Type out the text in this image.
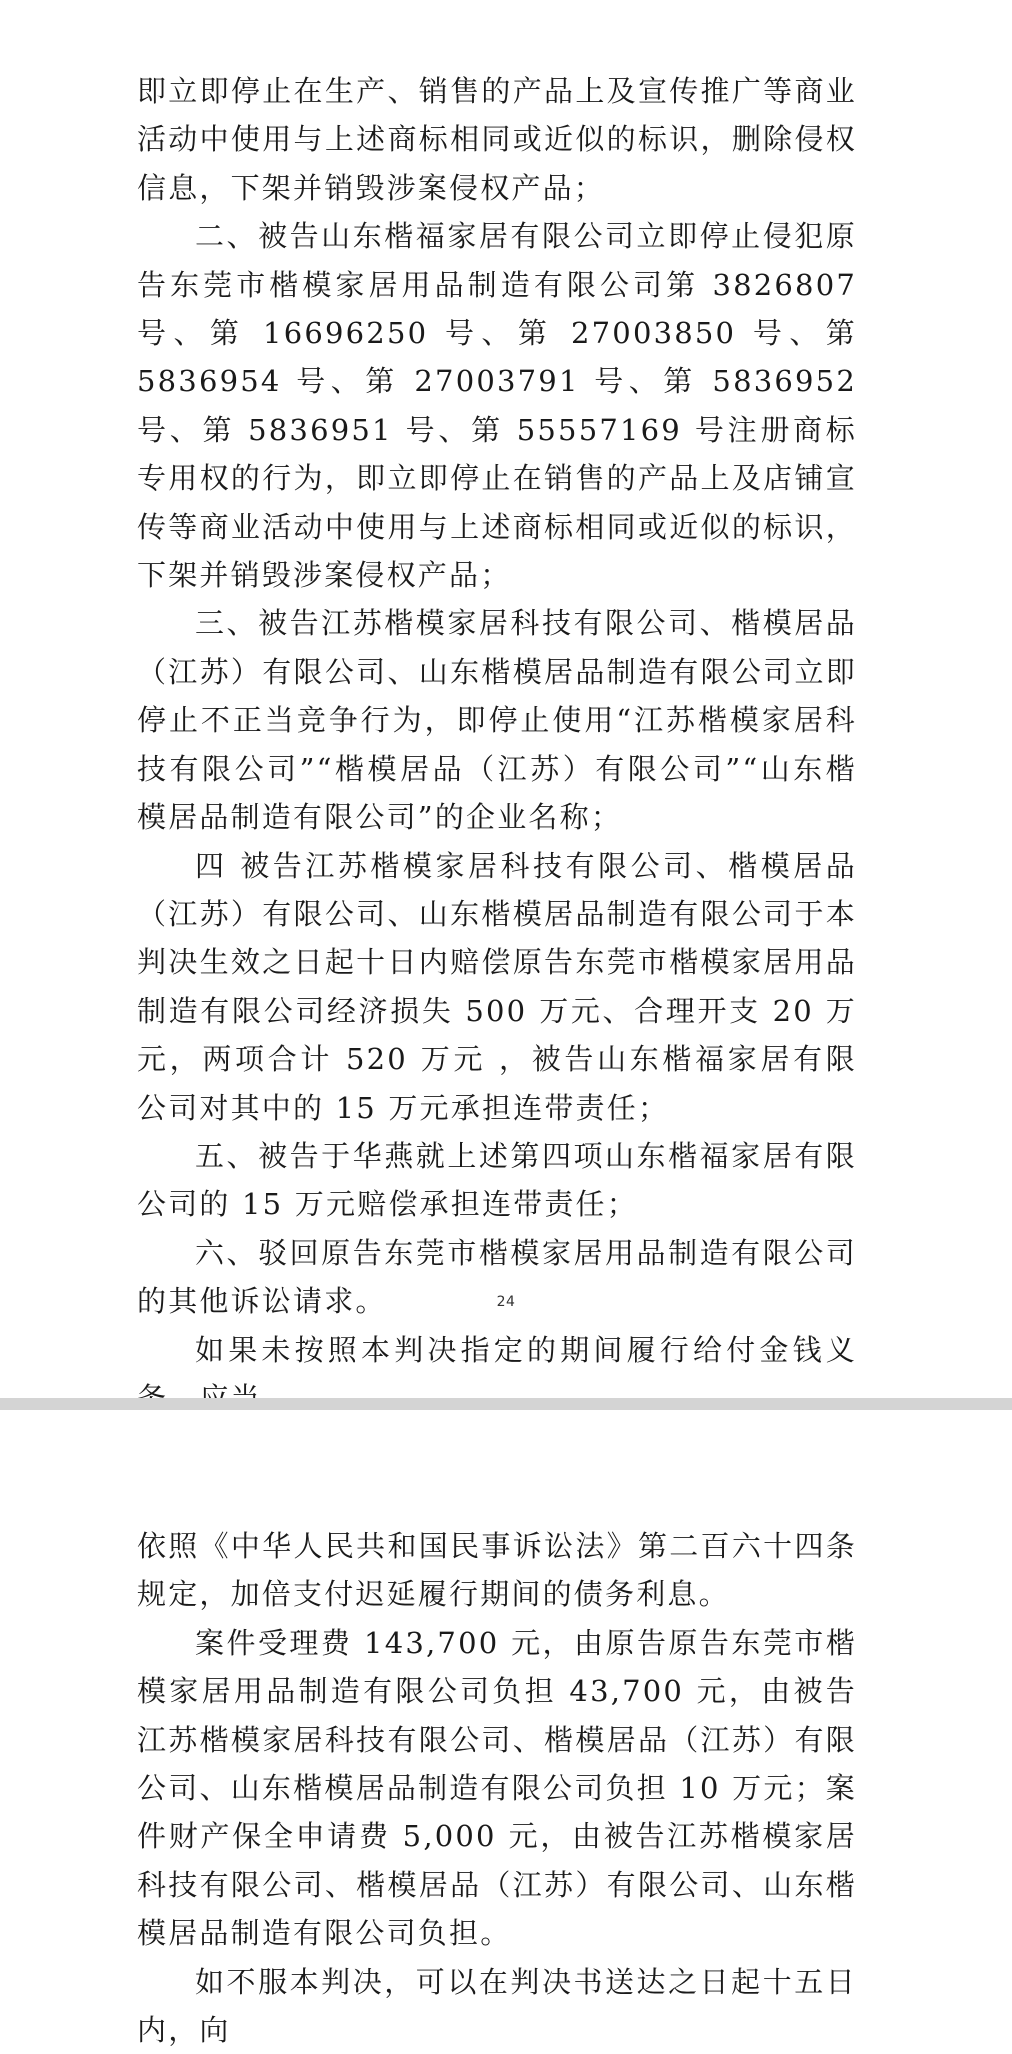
即立即停止在生产、销售的产品上及宣传推广等商业活动中使用与上述商标相同或近似的标识，删除侵权信息，下架并销毁涉案侵权产品；

二、被告山东楷福家居有限公司立即停止侵犯原告东莞市楷模家居用品制造有限公司第 3826807 号、第 16696250 号、第 27003850 号、第 5836954 号、第 27003791 号、第 5836952 号、第 5836951 号、第 55557169 号注册商标专用权的行为，即立即停止在销售的产品上及店铺宣传等商业活动中使用与上述商标相同或近似的标识，下架并销毁涉案侵权产品；

三、被告江苏楷模家居科技有限公司、楷模居品（江苏）有限公司、山东楷模居品制造有限公司立即停止不正当竞争行为，即停止使用“江苏楷模家居科技有限公司”“楷模居品（江苏）有限公司”“山东楷模居品制造有限公司”的企业名称；

四 被告江苏楷模家居科技有限公司、楷模居品（江苏）有限公司、山东楷模居品制造有限公司于本判决生效之日起十日内赔偿原告东莞市楷模家居用品制造有限公司经济损失 500 万元、合理开支 20 万元，两项合计 520 万元 ，被告山东楷福家居有限公司对其中的 15 万元承担连带责任；

五、被告于华燕就上述第四项山东楷福家居有限公司的 15 万元赔偿承担连带责任；

六、驳回原告东莞市楷模家居用品制造有限公司的其他诉讼请求。

如果未按照本判决指定的期间履行给付金钱义

24

依照《中华人民共和国民事诉讼法》第二百六十四条规定，加倍支付迟延履行期间的债务利息。

案件受理费 143,700 元，由原告原告东莞市楷模家居用品制造有限公司负担 43,700 元，由被告江苏楷模家居科技有限公司、楷模居品（江苏）有限公司、山东楷模居品制造有限公司负担 10 万元；案件财产保全申请费 5,000 元，由被告江苏楷模家居科技有限公司、楷模居品（江苏）有限公司、山东楷模居品制造有限公司负担。

如不服本判决，可以在判决书送达之日起十五日内，向
